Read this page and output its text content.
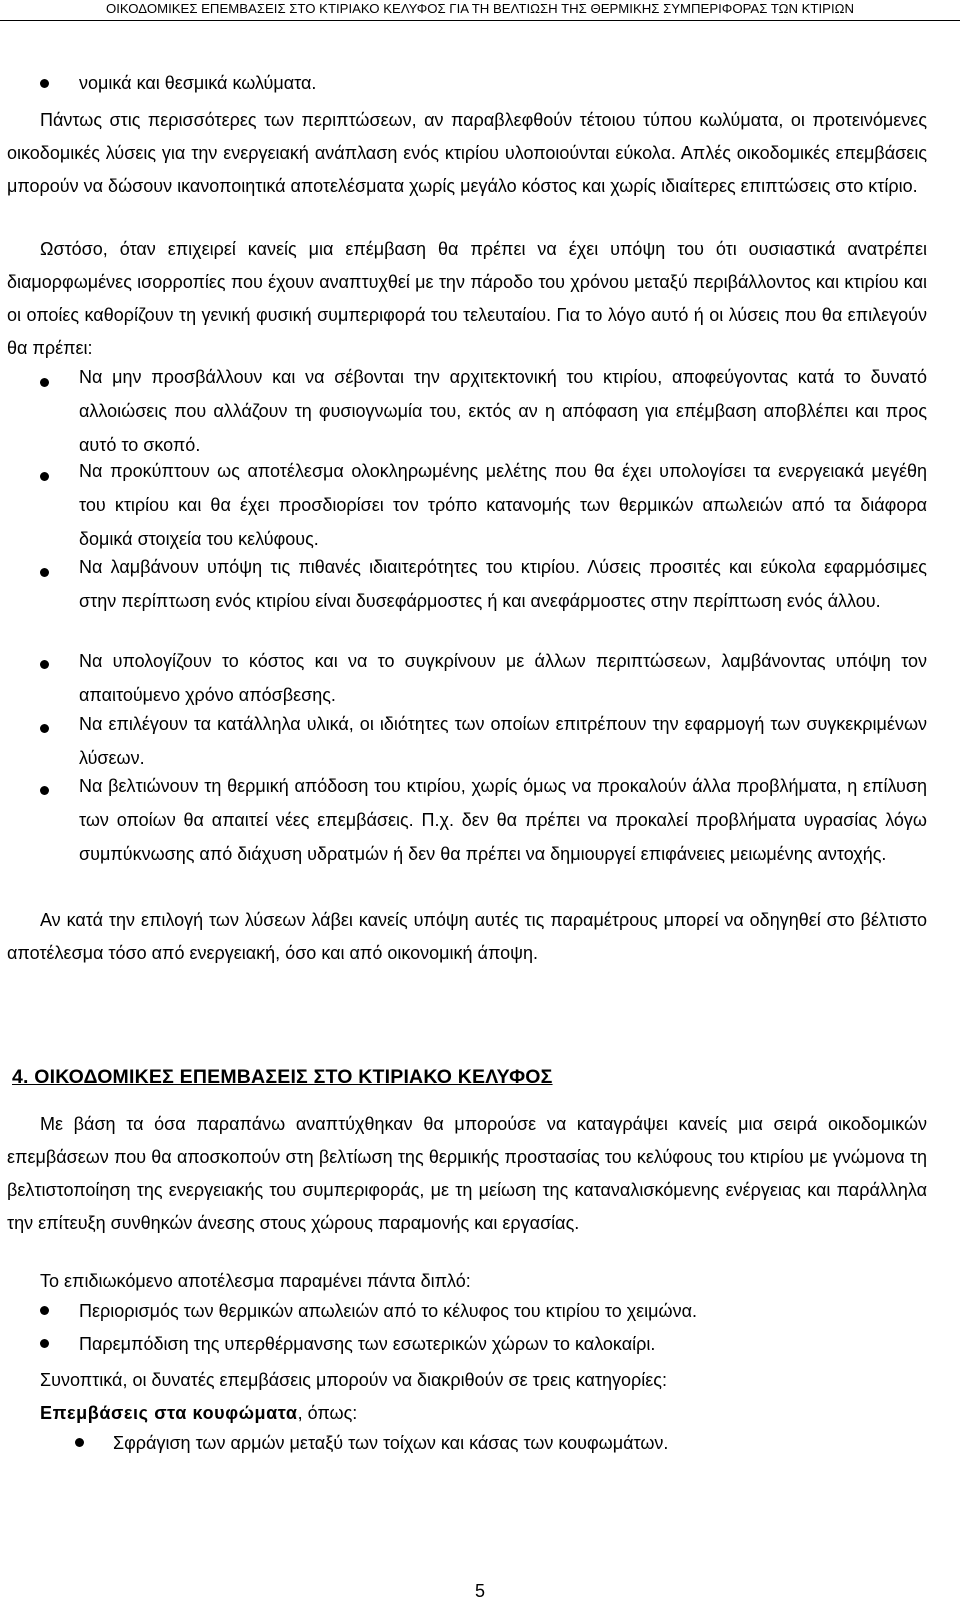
ΟΙΚΟΔΟΜΙΚΕΣ ΕΠΕΜΒΑΣΕΙΣ ΣΤΟ ΚΤΙΡΙΑΚΟ ΚΕΛΥΦΟΣ ΓΙΑ ΤΗ ΒΕΛΤΙΩΣΗ ΤΗΣ ΘΕΡΜΙΚΗΣ ΣΥΜΠΕΡΙΦΟΡΑΣ ΤΩΝ ΚΤΙΡΙΩΝ
νομικά και θεσμικά κωλύματα.
Πάντως στις περισσότερες των περιπτώσεων, αν παραβλεφθούν τέτοιου τύπου κωλύματα, οι προτεινόμενες οικοδομικές λύσεις για την ενεργειακή ανάπλαση ενός κτιρίου υλοποιούνται εύκολα. Απλές οικοδομικές επεμβάσεις μπορούν να δώσουν ικανοποιητικά αποτελέσματα χωρίς μεγάλο κόστος και χωρίς ιδιαίτερες επιπτώσεις στο κτίριο.
Ωστόσο, όταν επιχειρεί κανείς μια επέμβαση θα πρέπει να έχει υπόψη του ότι ουσιαστικά ανατρέπει διαμορφωμένες ισορροπίες που έχουν αναπτυχθεί με την πάροδο του χρόνου μεταξύ περιβάλλοντος και κτιρίου και οι οποίες καθορίζουν τη γενική φυσική συμπεριφορά του τελευταίου. Για το λόγο αυτό ή οι λύσεις που θα επιλεγούν θα πρέπει:
Να μην προσβάλλουν και να σέβονται την αρχιτεκτονική του κτιρίου, αποφεύγοντας κατά το δυνατό αλλοιώσεις που αλλάζουν τη φυσιογνωμία του, εκτός αν η απόφαση για επέμβαση αποβλέπει και προς αυτό το σκοπό.
Να προκύπτουν ως αποτέλεσμα ολοκληρωμένης μελέτης που θα έχει υπολογίσει τα ενεργειακά μεγέθη του κτιρίου και θα έχει προσδιορίσει τον τρόπο κατανομής των θερμικών απωλειών από τα διάφορα δομικά στοιχεία του κελύφους.
Να λαμβάνουν υπόψη τις πιθανές ιδιαιτερότητες του κτιρίου. Λύσεις προσιτές και εύκολα εφαρμόσιμες στην περίπτωση ενός κτιρίου είναι δυσεφάρμοστες ή και ανεφάρμοστες στην περίπτωση ενός άλλου.
Να υπολογίζουν το κόστος και να το συγκρίνουν με άλλων περιπτώσεων, λαμβάνοντας υπόψη τον απαιτούμενο χρόνο απόσβεσης.
Να επιλέγουν τα κατάλληλα υλικά, οι ιδιότητες των οποίων επιτρέπουν την εφαρμογή των συγκεκριμένων λύσεων.
Να βελτιώνουν τη θερμική απόδοση του κτιρίου, χωρίς όμως να προκαλούν άλλα προβλήματα, η επίλυση των οποίων θα απαιτεί νέες επεμβάσεις. Π.χ. δεν θα πρέπει να προκαλεί προβλήματα υγρασίας λόγω συμπύκνωσης από διάχυση υδρατμών ή δεν θα πρέπει να δημιουργεί επιφάνειες μειωμένης αντοχής.
Αν κατά την επιλογή των λύσεων λάβει κανείς υπόψη αυτές τις παραμέτρους μπορεί να οδηγηθεί στο βέλτιστο αποτέλεσμα τόσο από ενεργειακή, όσο και από οικονομική άποψη.
4. ΟΙΚΟΔΟΜΙΚΕΣ ΕΠΕΜΒΑΣΕΙΣ ΣΤΟ ΚΤΙΡΙΑΚΟ ΚΕΛΥΦΟΣ
Με βάση τα όσα παραπάνω αναπτύχθηκαν θα μπορούσε να καταγράψει κανείς μια σειρά οικοδομικών επεμβάσεων που θα αποσκοπούν στη βελτίωση της θερμικής προστασίας του κελύφους του κτιρίου με γνώμονα τη βελτιστοποίηση της ενεργειακής του συμπεριφοράς, με τη μείωση της καταναλισκόμενης ενέργειας και παράλληλα την επίτευξη συνθηκών άνεσης στους χώρους παραμονής και εργασίας.
Το επιδιωκόμενο αποτέλεσμα παραμένει πάντα διπλό:
Περιορισμός των θερμικών απωλειών από το κέλυφος του κτιρίου το χειμώνα.
Παρεμπόδιση της υπερθέρμανσης των εσωτερικών χώρων το καλοκαίρι.
Συνοπτικά, οι δυνατές επεμβάσεις μπορούν να διακριθούν σε τρεις κατηγορίες:
Επεμβάσεις στα κουφώματα, όπως:
Σφράγιση των αρμών μεταξύ των τοίχων και κάσας των κουφωμάτων.
5
